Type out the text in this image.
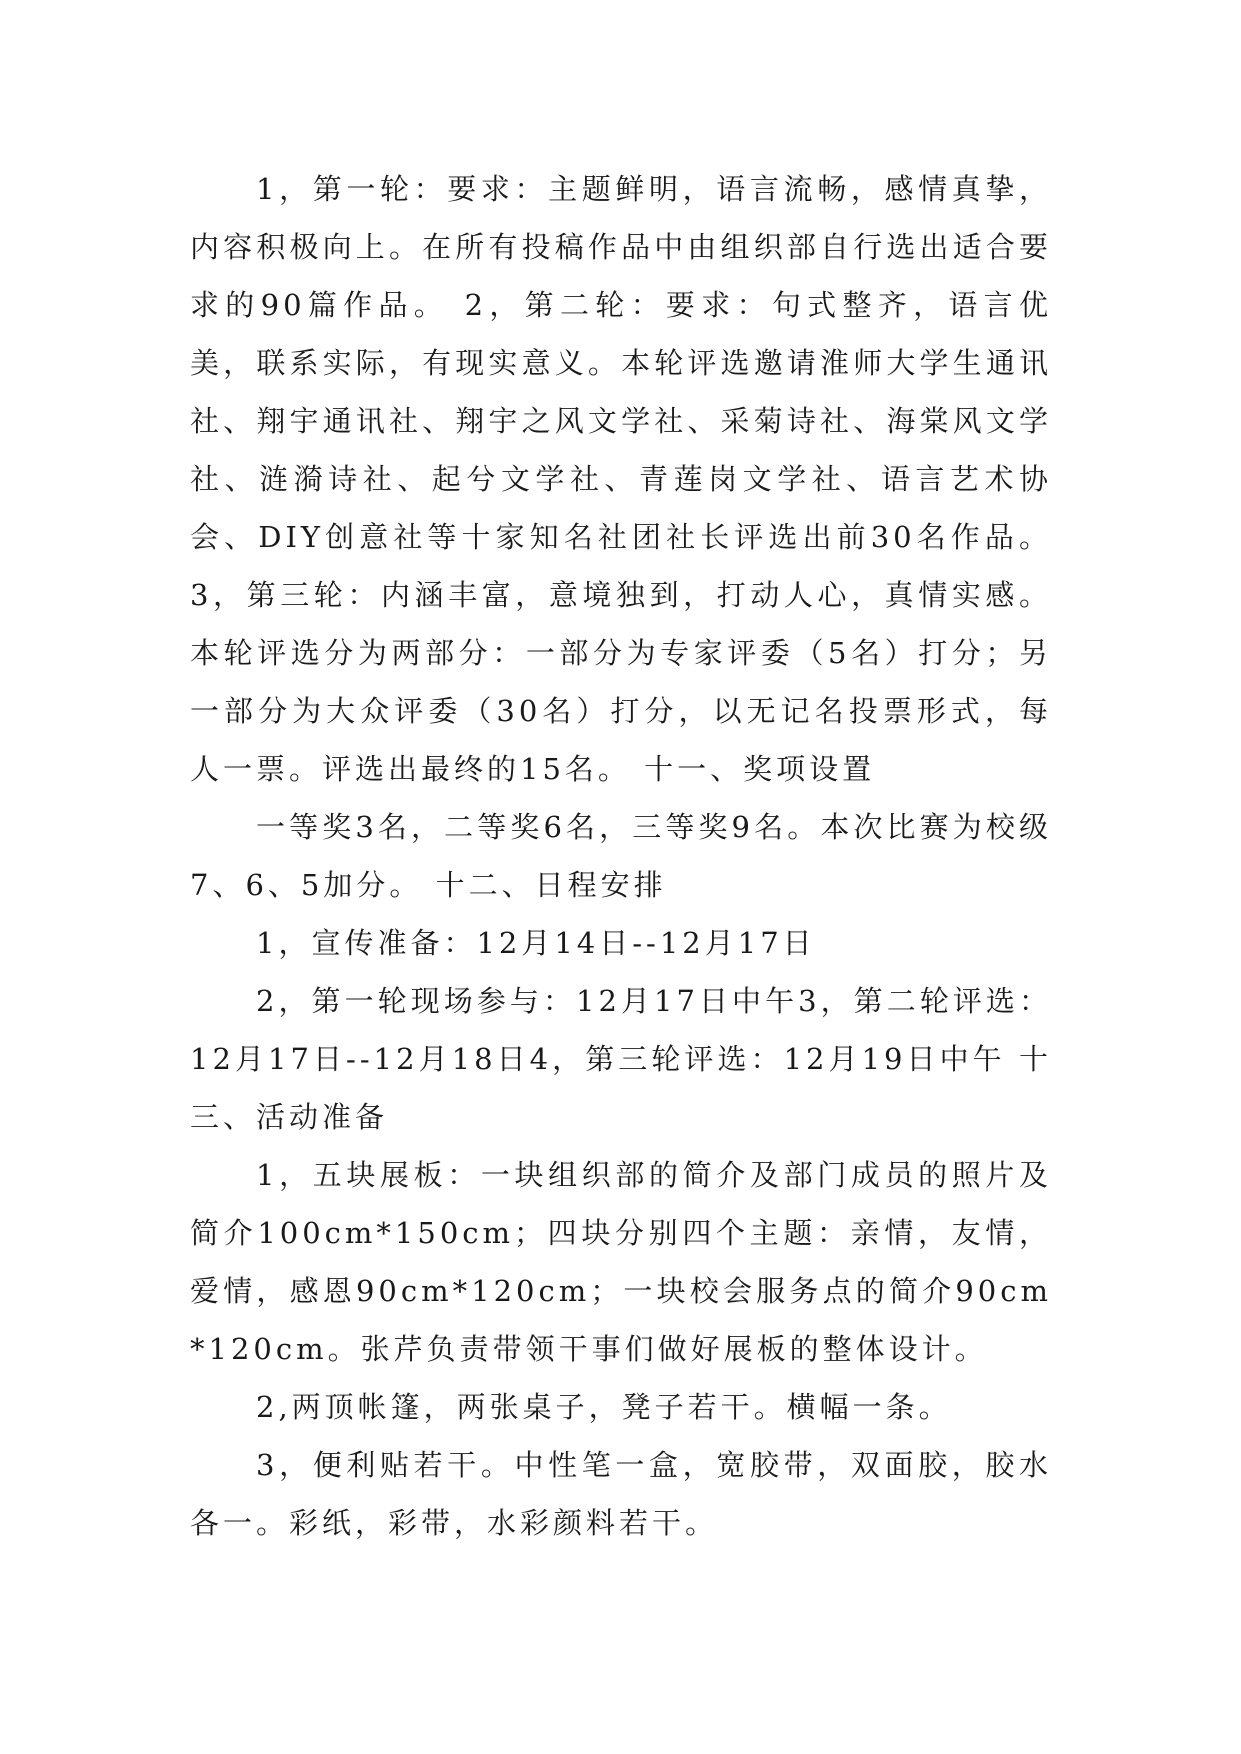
1，第一轮：要求：主题鲜明，语言流畅，感情真挚，内容积极向上。在所有投稿作品中由组织部自行选出适合要求的90篇作品。 2，第二轮：要求：句式整齐，语言优美，联系实际，有现实意义。本轮评选邀请淮师大学生通讯社、翔宇通讯社、翔宇之风文学社、采菊诗社、海棠风文学社、涟漪诗社、起兮文学社、青莲岗文学社、语言艺术协会、DIY创意社等十家知名社团社长评选出前30名作品。 3，第三轮：内涵丰富，意境独到，打动人心，真情实感。本轮评选分为两部分：一部分为专家评委（5名）打分；另一部分为大众评委（30名）打分，以无记名投票形式，每人一票。评选出最终的15名。 十一、奖项设置

一等奖3名，二等奖6名，三等奖9名。本次比赛为校级7、6、5加分。 十二、日程安排

1，宣传准备：12月14日--12月17日

2，第一轮现场参与：12月17日中午3，第二轮评选：12月17日--12月18日4，第三轮评选：12月19日中午 十三、活动准备

1，五块展板：一块组织部的简介及部门成员的照片及简介100cm*150cm；四块分别四个主题：亲情，友情，爱情，感恩90cm*120cm；一块校会服务点的简介90cm*120cm。张芹负责带领干事们做好展板的整体设计。

2,两顶帐篷，两张桌子，凳子若干。横幅一条。

3，便利贴若干。中性笔一盒，宽胶带，双面胶，胶水各一。彩纸，彩带，水彩颜料若干。
